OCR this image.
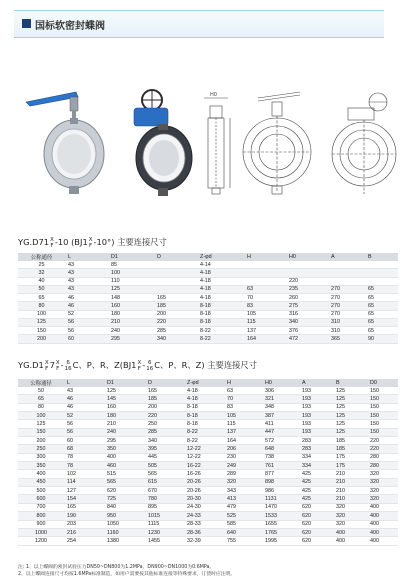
国标软密封蝶阀
H0
YG.D71X
F-10 (BJ1X
F-10°) 主要连接尺寸
公称通径	L	D1	D	Z-φd	H	H0	A	B
25	43	85		4-14				
32	43	100		4-18				
40	43	110		4-18		220		
50	43	125		4-18	63	235	270	65
65	46	148	165	4-18	70	260	270	65
80	46	160	185	8-18	83	275	270	65
100	52	180	200	8-18	105	316	270	65
125	56	210	220	8-18	115	340	310	65
150	56	240	285	8-22	137	376	310	65
200	60	295	340	8-22	164	472	365	90
YG.D1X
F7X
F- 6
16C、P、R、Z(BJ1X
F- 6
16C、P、R、Z) 主要连接尺寸
公称通径	L	D1	D	Z-φd	H	H0	A	B	D0
50	43	125	165	4-18	63	306	193	125	150
65	46	145	185	4-18	70	321	193	125	150
80	46	160	200	8-18	83	348	193	125	150
100	52	180	220	8-18	105	387	193	125	150
125	56	210	250	8-18	115	411	193	125	150
150	56	240	285	8-22	137	447	193	125	150
200	60	295	340	8-22	164	572	283	185	220
250	68	350	395	12-22	206	648	283	185	220
300	78	400	445	12-22	230	738	334	175	280
350	78	460	505	16-22	249	761	334	175	280
400	102	515	565	16-26	289	877	425	210	320
450	114	565	615	20-26	320	898	425	210	320
500	127	620	670	20-26	343	986	425	210	320
600	154	725	780	20-30	413	1131	425	210	320
700	165	840	895	24-30	479	1470	620	320	400
800	190	950	1015	24-33	525	1533	620	320	400
900	203	1050	1115	28-33	585	1655	620	320	400
1000	216	1160	1230	28-36	640	1765	620	400	400
1200	254	1380	1455	32-39	755	1995	620	400	400
注: 1、以上蝶阀的密封试验压力DN50~DN800为1.2MPa，DN900~DN1000为0.6MPa。
2、以上蝶阀连接尺寸均按1.6MPa标准制造，如用户需要按其他标准连接等特殊要求，订货时应注明。
